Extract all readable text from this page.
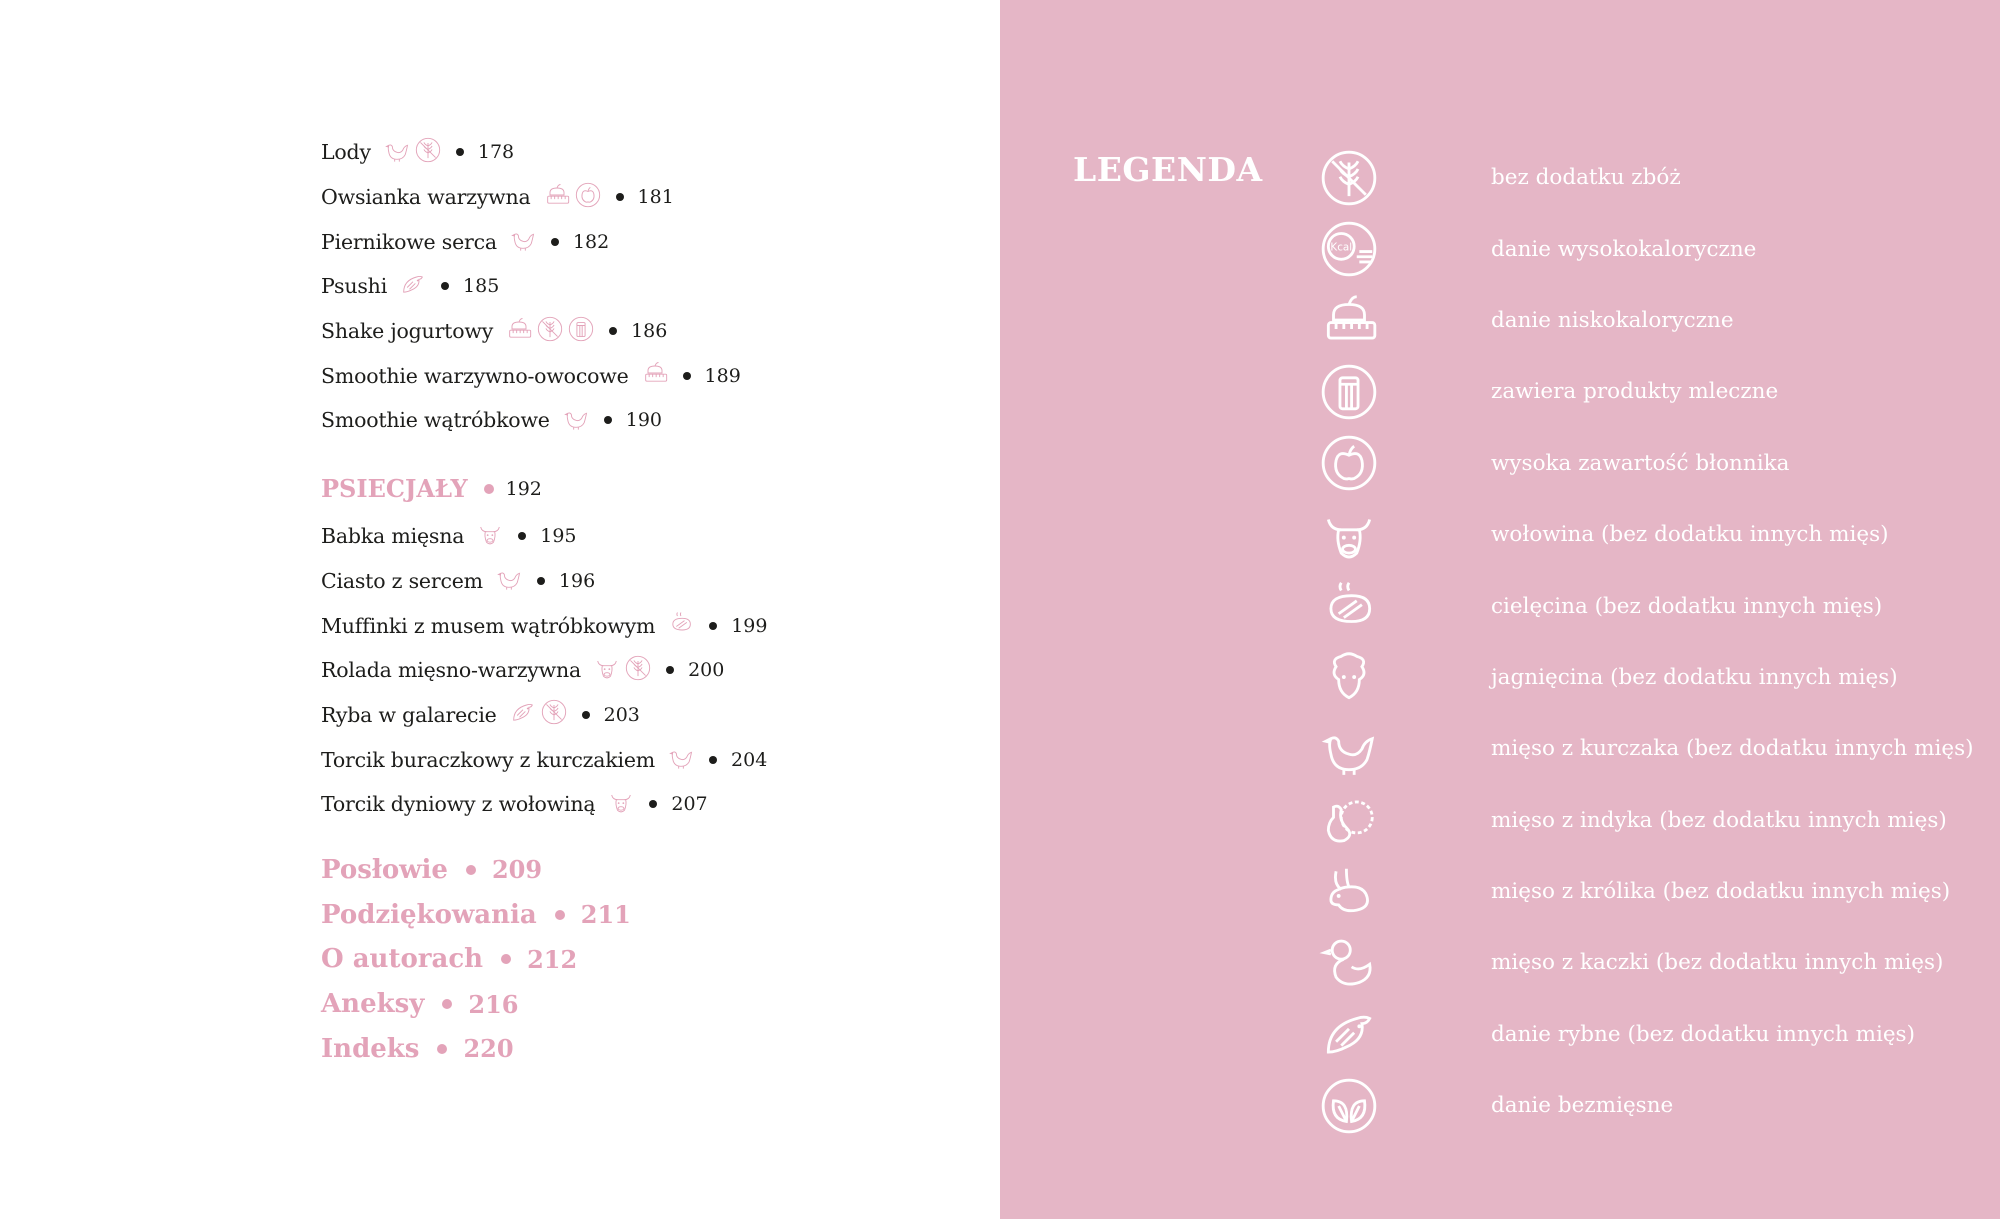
Lody	178
Owsianka warzywna	181
Piernikowe serca	182
Psushi	185
Shake jogurtowy	186
Smoothie warzywno-owocowe	189
Smoothie wątróbkowe	190
PSIECJAŁY 192
Babka mięsna	195
Ciasto z sercem	196
Muffinki z musem wątróbkowym	199
Rolada mięsno-warzywna	200
Ryba w galarecie	203
Torcik buraczkowy z kurczakiem	204
Torcik dyniowy z wołowiną	207
Posłowie 209
Podziękowania 211
O autorach 212
Aneksy 216
Indeks 220
LEGENDA	bez dodatku zbóż
Kcal	danie wysokokaloryczne
danie niskokaloryczne
zawiera produkty mleczne
wysoka zawartość błonnika
wołowina (bez dodatku innych mięs)
cielęcina (bez dodatku innych mięs)
jagnięcina (bez dodatku innych mięs)
mięso z kurczaka (bez dodatku innych mięs)
mięso z indyka (bez dodatku innych mięs)
mięso z królika (bez dodatku innych mięs)
mięso z kaczki (bez dodatku innych mięs)
danie rybne (bez dodatku innych mięs)
danie bezmięsne
